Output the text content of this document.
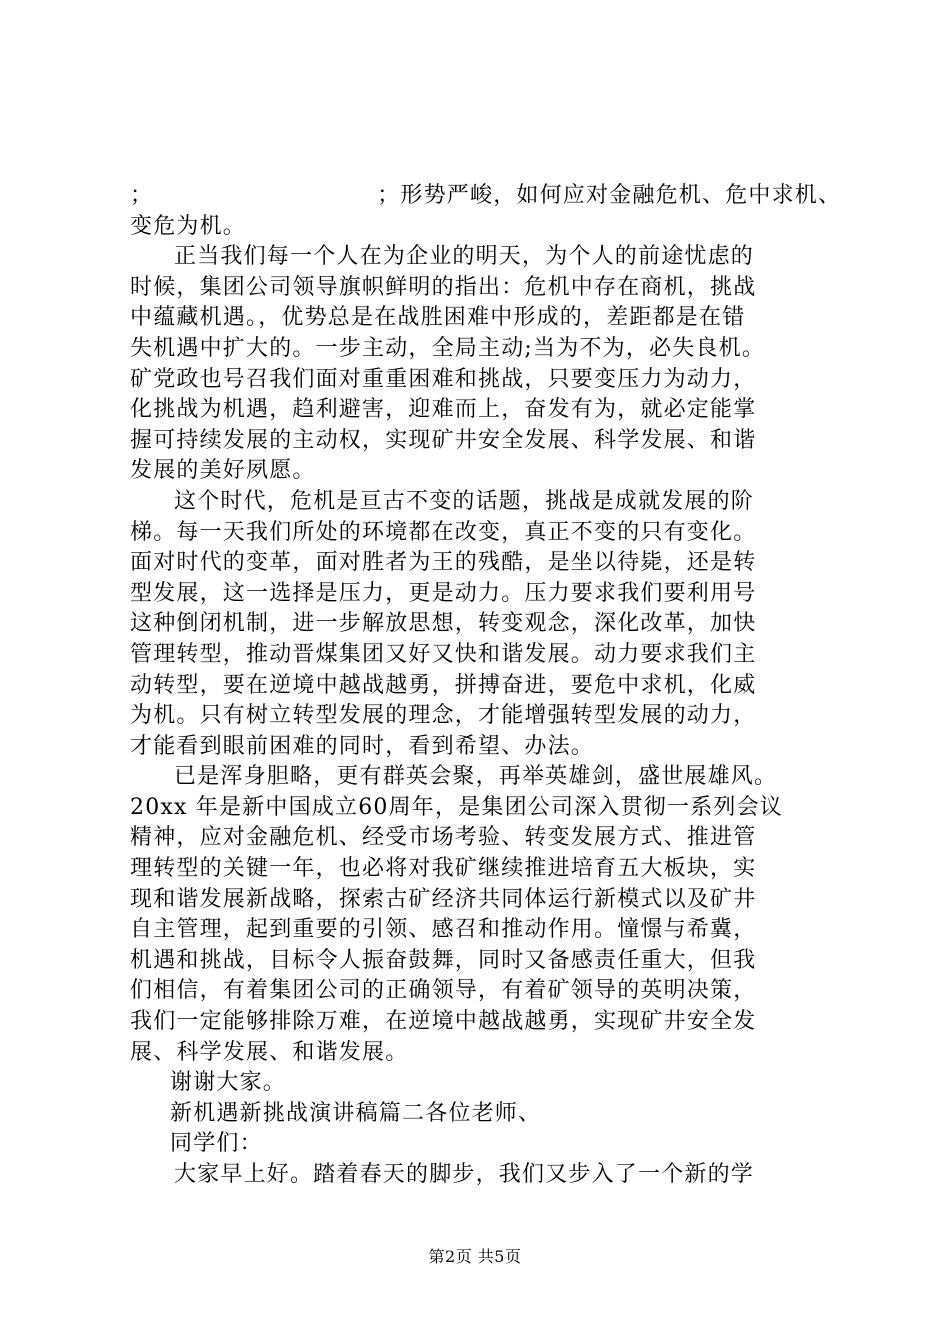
；	；形势严峻，如何应对金融危机、危中求机、
变危为机。
正当我们每一个人在为企业的明天，为个人的前途忧虑的
时候，集团公司领导旗帜鲜明的指出：危机中存在商机，挑战
中蕴藏机遇。，优势总是在战胜困难中形成的，差距都是在错
失机遇中扩大的。一步主动，全局主动;当为不为，必失良机。
矿党政也号召我们面对重重困难和挑战，只要变压力为动力，
化挑战为机遇，趋利避害，迎难而上，奋发有为，就必定能掌
握可持续发展的主动权，实现矿井安全发展、科学发展、和谐
发展的美好夙愿。
这个时代，危机是亘古不变的话题，挑战是成就发展的阶
梯。每一天我们所处的环境都在改变，真正不变的只有变化。
面对时代的变革，面对胜者为王的残酷，是坐以待毙，还是转
型发展，这一选择是压力，更是动力。压力要求我们要利用号
这种倒闭机制，进一步解放思想，转变观念，深化改革，加快
管理转型，推动晋煤集团又好又快和谐发展。动力要求我们主
动转型，要在逆境中越战越勇，拼搏奋进，要危中求机，化威
为机。只有树立转型发展的理念，才能增强转型发展的动力，
才能看到眼前困难的同时，看到希望、办法。
已是浑身胆略，更有群英会聚，再举英雄剑，盛世展雄风。
20xx 年是新中国成立60周年，是集团公司深入贯彻一系列会议
精神，应对金融危机、经受市场考验、转变发展方式、推进管
理转型的关键一年，也必将对我矿继续推进培育五大板块，实
现和谐发展新战略，探索古矿经济共同体运行新模式以及矿井
自主管理，起到重要的引领、感召和推动作用。憧憬与希冀，
机遇和挑战，目标令人振奋鼓舞，同时又备感责任重大，但我
们相信，有着集团公司的正确领导，有着矿领导的英明决策，
我们一定能够排除万难，在逆境中越战越勇，实现矿井安全发
展、科学发展、和谐发展。
谢谢大家。
新机遇新挑战演讲稿篇二各位老师、
同学们：
大家早上好。踏着春天的脚步，我们又步入了一个新的学
第2页 共5页
